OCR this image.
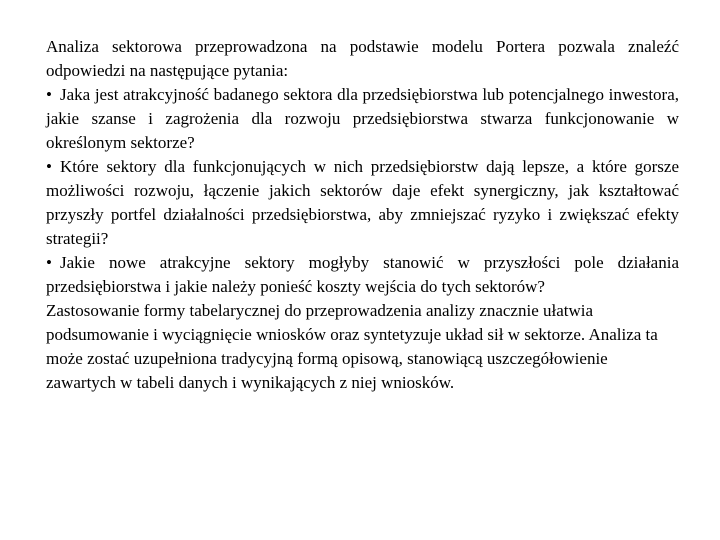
Analiza sektorowa przeprowadzona na podstawie modelu Portera pozwala znaleźć odpowiedzi na następujące pytania:

• Jaka jest atrakcyjność badanego sektora dla przedsiębiorstwa lub potencjalnego inwestora, jakie szanse i zagrożenia dla rozwoju przedsiębiorstwa stwarza funkcjonowanie w określonym sektorze?

• Które sektory dla funkcjonujących w nich przedsiębiorstw dają lepsze, a które gorsze możliwości rozwoju, łączenie jakich sektorów daje efekt synergiczny, jak kształtować przyszły portfel działalności przedsiębiorstwa, aby zmniejszać ryzyko i zwiększać efekty strategii?

• Jakie nowe atrakcyjne sektory mogłyby stanowić w przyszłości pole działania przedsiębiorstwa i jakie należy ponieść koszty wejścia do tych sektorów?

Zastosowanie formy tabelarycznej do przeprowadzenia analizy znacznie ułatwia podsumowanie i wyciągnięcie wniosków oraz syntetyzuje układ sił w sektorze. Analiza ta może zostać uzupełniona tradycyjną formą opisową, stanowiącą uszczegółowienie zawartych w tabeli danych i wynikających z niej wniosków.
